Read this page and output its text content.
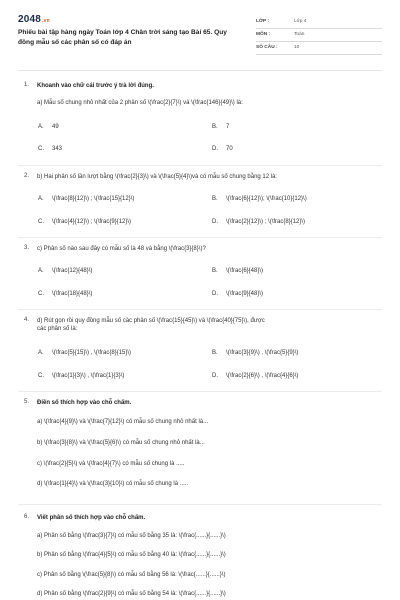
2048.vn
Phiếu bài tập hàng ngày Toán lớp 4 Chân trời sáng tạo Bài 65. Quy đồng mẫu số các phân số có đáp án
LỚP :	Lớp 4
MÔN :	Toán
SỐ CÂU :	10
1. Khoanh vào chữ cái trước ý trả lời đúng.
a) Mẫu số chung nhỏ nhất của 2 phân số \(\frac{2}{7}\) và \(\frac{146}{49}\) là:
A. 49	B. 7
C. 343	D. 70
2. b) Hai phân số lần lượt bằng \(\frac{2}{3}\) và \(\frac{5}{4}\)và có mẫu số chung bằng 12 là:
A. \(\frac{8}{12}\) ; \(\frac{15}{12}\)	B. \(\frac{6}{12}\); \(\frac{10}{12}\)
C. \(\frac{4}{12}\) ; \(\frac{9}{12}\)	D. \(\frac{2}{12}\) ; \(\frac{8}{12}\)
3. c) Phân số nào sau đây có mẫu số là 48 và bằng \(\frac{3}{8}\)?
A. \(\frac{12}{48}\)	B. \(\frac{6}{48}\)
C. \(\frac{18}{48}\)	D. \(\frac{9}{48}\)
4. d) Rút gọn rồi quy đồng mẫu số các phân số \(\frac{15}{45}\) và \(\frac{40}{75}\), được
các phân số là:
A. \(\frac{5}{15}\) , \(\frac{8}{15}\)	B. \(\frac{3}{9}\) , \(\frac{5}{9}\)
C. \(\frac{1}{3}\) , \(\frac{1}{3}\)	D. \(\frac{2}{6}\) , \(\frac{4}{6}\)
5. Điền số thích hợp vào chỗ chấm.
a) \(\frac{4}{9}\) và \(\frac{7}{12}\) có mẫu số chung nhỏ nhất là...
b) \(\frac{3}{8}\) và \(\frac{5}{6}\) có mẫu số chung nhỏ nhất là...
c) \(\frac{2}{5}\) và \(\frac{4}{7}\) có mẫu số chung là .....
d) \(\frac{1}{4}\) và \(\frac{3}{10}\) có mẫu số chung là .....
6. Viết phân số thích hợp vào chỗ chấm.
a) Phân số bằng \(\frac{3}{7}\) có mẫu số bằng 35 là: \(\frac{......}{......}\)
b) Phân số bằng \(\frac{4}{5}\) có mẫu số bằng 40 là: \(\frac{......}{......}\)
c) Phân số bằng \(\frac{5}{8}\) có mẫu số bằng 56 là: \(\frac{......}{......}\)
d) Phân số bằng \(\frac{2}{9}\) có mẫu số bằng 54 là: \(\frac{......}{......}\)
